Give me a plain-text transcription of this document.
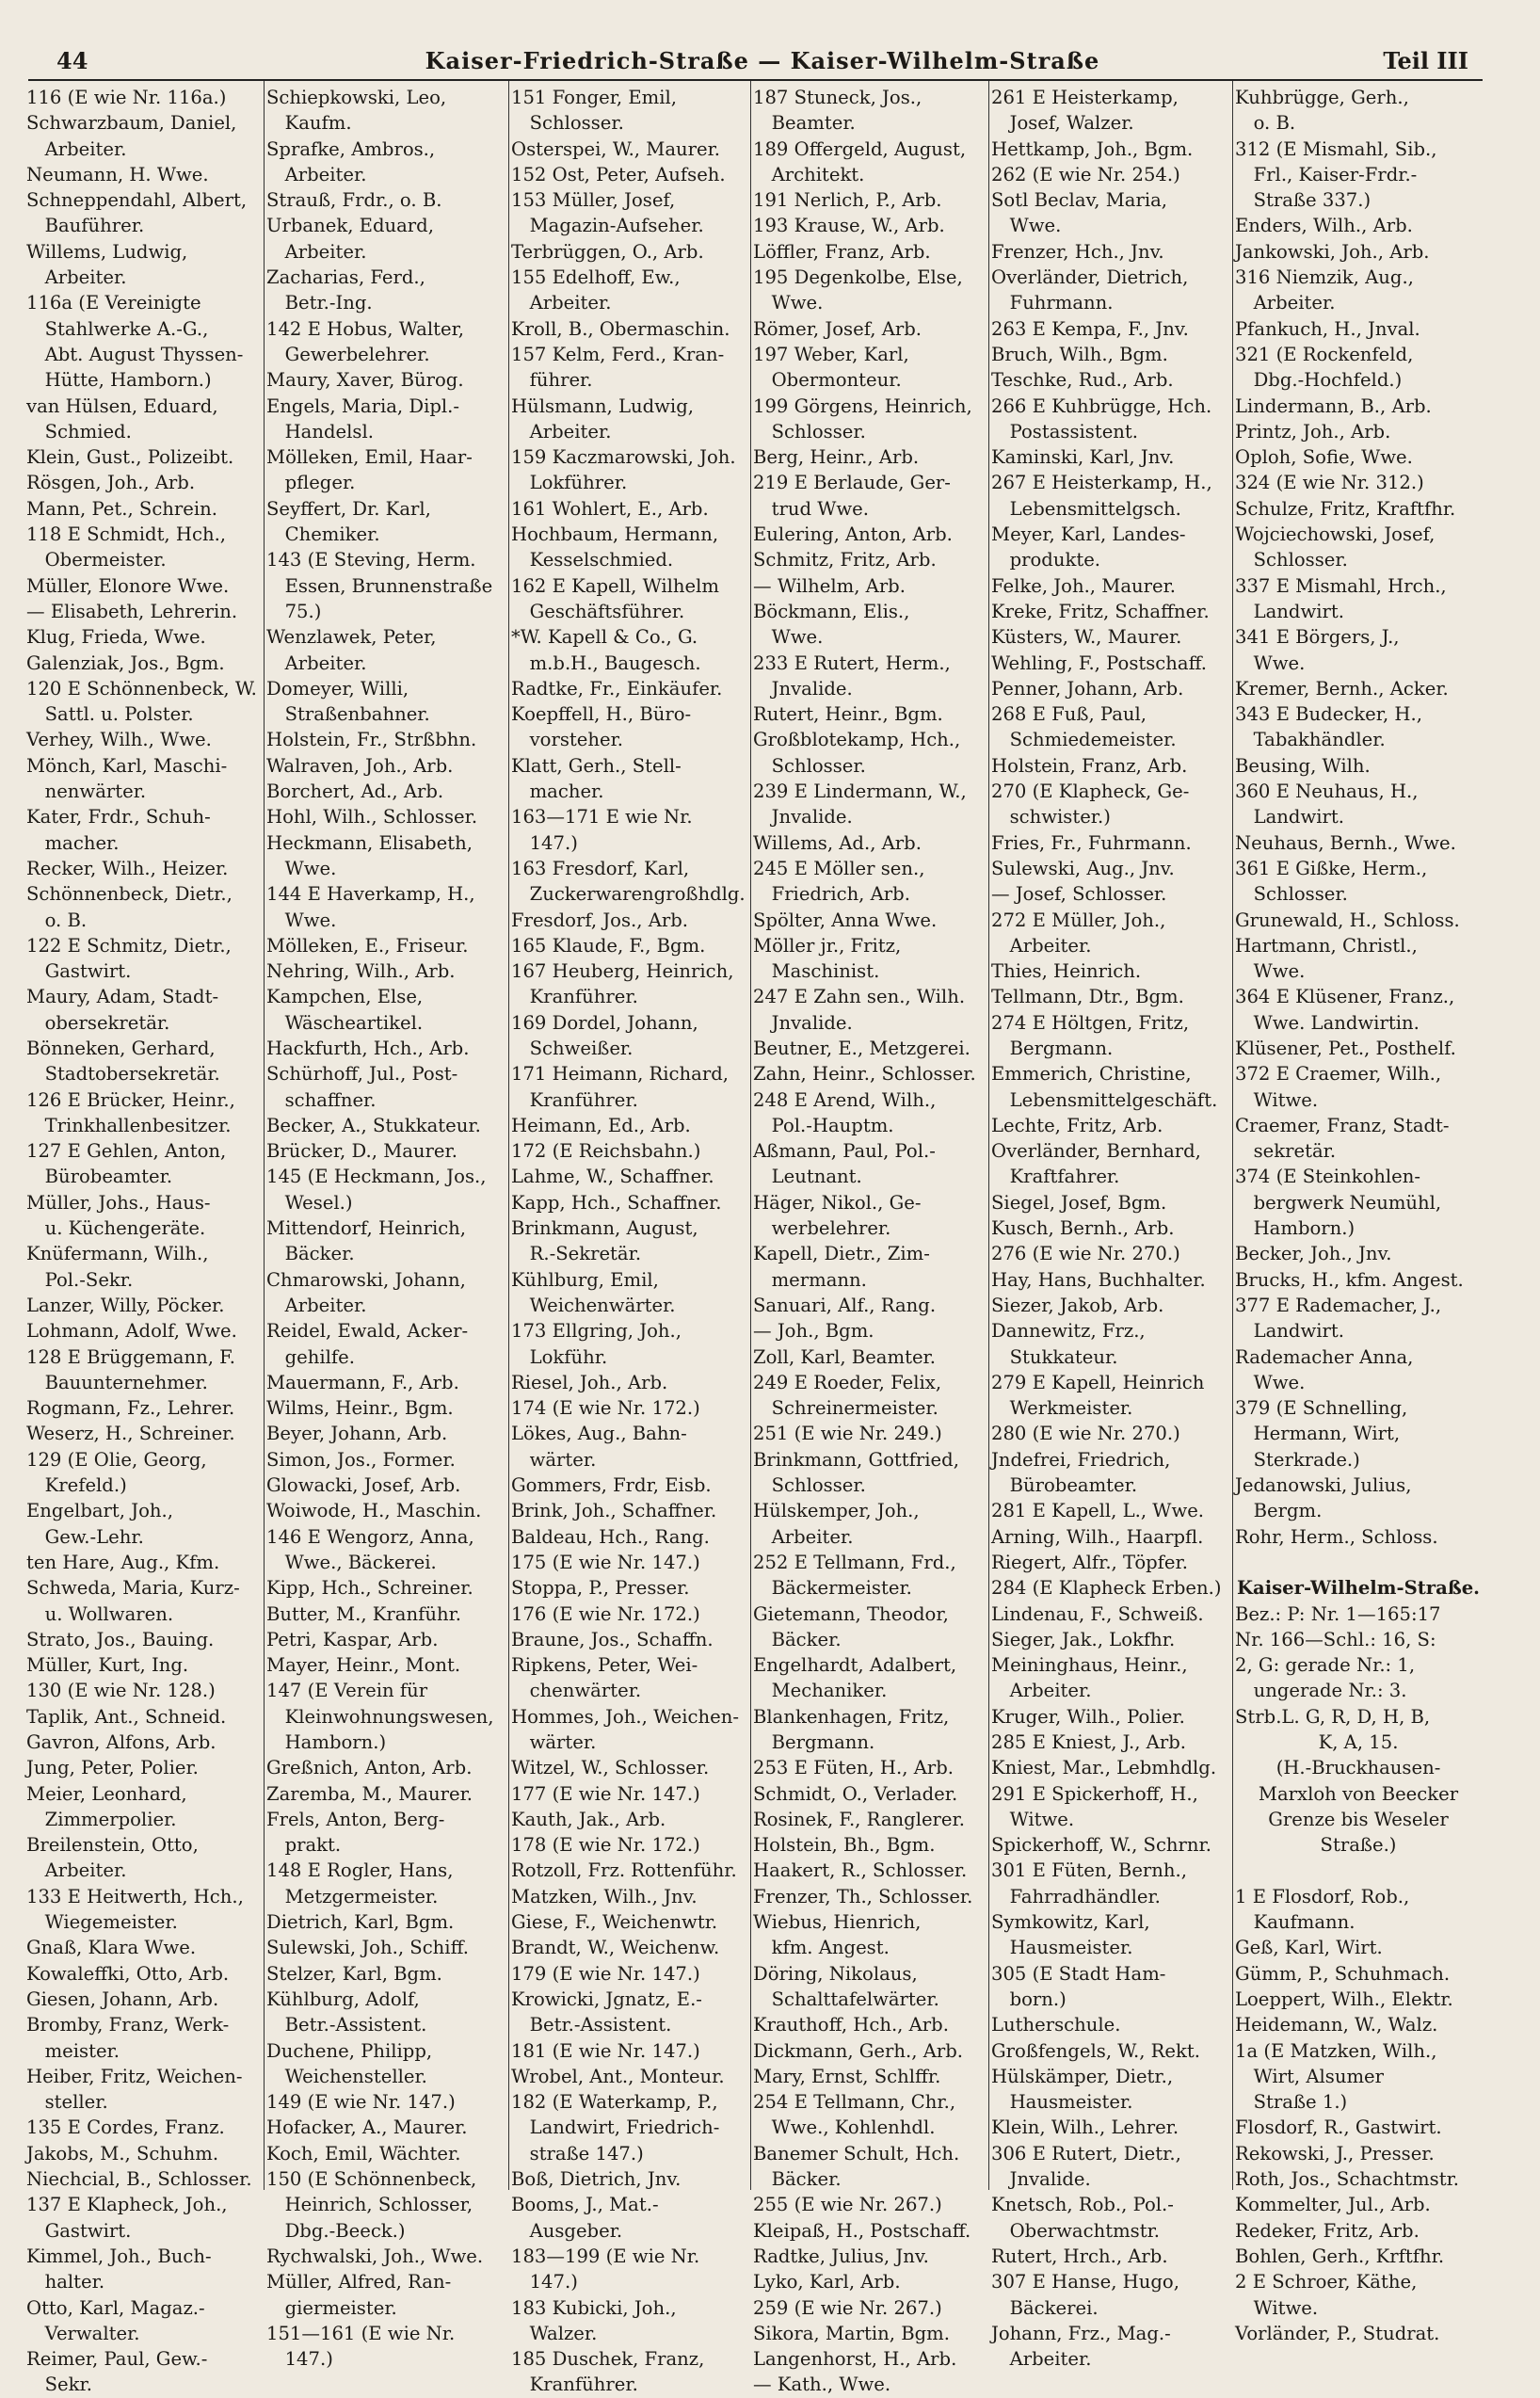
44	Kaiser-Friedrich-Straße — Kaiser-Wilhelm-Straße	Teil III
116 (E wie Nr. 116a.)
Schwarzbaum, Daniel,
 Arbeiter.
Neumann, H. Wwe.
Schneppendahl, Albert,
 Bauführer.
Willems, Ludwig,
 Arbeiter.
116a (E Vereinigte
 Stahlwerke A.-G.,
 Abt. August Thyssen-
 Hütte, Hamborn.)
van Hülsen, Eduard,
 Schmied.
Klein, Gust., Polizeibt.
Rösgen, Joh., Arb.
Mann, Pet., Schrein.
118 E Schmidt, Hch.,
 Obermeister.
Müller, Elonore Wwe.
— Elisabeth, Lehrerin.
Klug, Frieda, Wwe.
Galenziak, Jos., Bgm.
120 E Schönnenbeck, W.
 Sattl. u. Polster.
Verhey, Wilh., Wwe.
Mönch, Karl, Maschi-
 nenwärter.
Kater, Frdr., Schuh-
 macher.
Recker, Wilh., Heizer.
Schönnenbeck, Dietr.,
 o. B.
122 E Schmitz, Dietr.,
 Gastwirt.
Maury, Adam, Stadt-
 obersekretär.
Bönneken, Gerhard,
 Stadtobersekretär.
126 E Brücker, Heinr.,
 Trinkhallenbesitzer.
127 E Gehlen, Anton,
 Bürobeamter.
Müller, Johs., Haus-
 u. Küchengeräte.
Knüfermann, Wilh.,
 Pol.-Sekr.
Lanzer, Willy, Pöcker.
Lohmann, Adolf, Wwe.
128 E Brüggemann, F.
 Bauunternehmer.
Rogmann, Fz., Lehrer.
Weserz, H., Schreiner.
129 (E Olie, Georg,
 Krefeld.)
Engelbart, Joh.,
 Gew.-Lehr.
ten Hare, Aug., Kfm.
Schweda, Maria, Kurz-
 u. Wollwaren.
Strato, Jos., Bauing.
Müller, Kurt, Ing.
130 (E wie Nr. 128.)
Taplik, Ant., Schneid.
Gavron, Alfons, Arb.
Jung, Peter, Polier.
Meier, Leonhard,
 Zimmerpolier.
Breilenstein, Otto,
 Arbeiter.
133 E Heitwerth, Hch.,
 Wiegemeister.
Gnaß, Klara Wwe.
Kowaleffki, Otto, Arb.
Giesen, Johann, Arb.
Bromby, Franz, Werk-
 meister.
Heiber, Fritz, Weichen-
 steller.
135 E Cordes, Franz.
Jakobs, M., Schuhm.
Niechcial, B., Schlosser.
137 E Klapheck, Joh.,
 Gastwirt.
Kimmel, Joh., Buch-
 halter.
Otto, Karl, Magaz.-
 Verwalter.
Reimer, Paul, Gew.-
 Sekr.
Schiepkowski, Leo,
 Kaufm.
Sprafke, Ambros.,
 Arbeiter.
Strauß, Frdr., o. B.
Urbanek, Eduard,
 Arbeiter.
Zacharias, Ferd.,
 Betr.-Ing.
142 E Hobus, Walter,
 Gewerbelehrer.
Maury, Xaver, Bürog.
Engels, Maria, Dipl.-
 Handelsl.
Mölleken, Emil, Haar-
 pfleger.
Seyffert, Dr. Karl,
 Chemiker.
143 (E Steving, Herm.
 Essen, Brunnenstraße
 75.)
Wenzlawek, Peter,
 Arbeiter.
Domeyer, Willi,
 Straßenbahner.
Holstein, Fr., Strßbhn.
Walraven, Joh., Arb.
Borchert, Ad., Arb.
Hohl, Wilh., Schlosser.
Heckmann, Elisabeth,
 Wwe.
144 E Haverkamp, H.,
 Wwe.
Mölleken, E., Friseur.
Nehring, Wilh., Arb.
Kampchen, Else,
 Wäscheartikel.
Hackfurth, Hch., Arb.
Schürhoff, Jul., Post-
 schaffner.
Becker, A., Stukkateur.
Brücker, D., Maurer.
145 (E Heckmann, Jos.,
 Wesel.)
Mittendorf, Heinrich,
 Bäcker.
Chmarowski, Johann,
 Arbeiter.
Reidel, Ewald, Acker-
 gehilfe.
Mauermann, F., Arb.
Wilms, Heinr., Bgm.
Beyer, Johann, Arb.
Simon, Jos., Former.
Glowacki, Josef, Arb.
Woiwode, H., Maschin.
146 E Wengorz, Anna,
 Wwe., Bäckerei.
Kipp, Hch., Schreiner.
Butter, M., Kranführ.
Petri, Kaspar, Arb.
Mayer, Heinr., Mont.
147 (E Verein für
 Kleinwohnungswesen,
 Hamborn.)
Greßnich, Anton, Arb.
Zaremba, M., Maurer.
Frels, Anton, Berg-
 prakt.
148 E Rogler, Hans,
 Metzgermeister.
Dietrich, Karl, Bgm.
Sulewski, Joh., Schiff.
Stelzer, Karl, Bgm.
Kühlburg, Adolf,
 Betr.-Assistent.
Duchene, Philipp,
 Weichensteller.
149 (E wie Nr. 147.)
Hofacker, A., Maurer.
Koch, Emil, Wächter.
150 (E Schönnenbeck,
 Heinrich, Schlosser,
 Dbg.-Beeck.)
Rychwalski, Joh., Wwe.
Müller, Alfred, Ran-
 giermeister.
151—161 (E wie Nr.
 147.)
151 Fonger, Emil,
 Schlosser.
Osterspei, W., Maurer.
152 Ost, Peter, Aufseh.
153 Müller, Josef,
 Magazin-Aufseher.
Terbrüggen, O., Arb.
155 Edelhoff, Ew.,
 Arbeiter.
Kroll, B., Obermaschin.
157 Kelm, Ferd., Kran-
 führer.
Hülsmann, Ludwig,
 Arbeiter.
159 Kaczmarowski, Joh.
 Lokführer.
161 Wohlert, E., Arb.
Hochbaum, Hermann,
 Kesselschmied.
162 E Kapell, Wilhelm
 Geschäftsführer.
*W. Kapell & Co., G.
 m.b.H., Baugesch.
Radtke, Fr., Einkäufer.
Koepffell, H., Büro-
 vorsteher.
Klatt, Gerh., Stell-
 macher.
163—171 E wie Nr.
 147.)
163 Fresdorf, Karl,
 Zuckerwarengroßhdlg.
Fresdorf, Jos., Arb.
165 Klaude, F., Bgm.
167 Heuberg, Heinrich,
 Kranführer.
169 Dordel, Johann,
 Schweißer.
171 Heimann, Richard,
 Kranführer.
Heimann, Ed., Arb.
172 (E Reichsbahn.)
Lahme, W., Schaffner.
Kapp, Hch., Schaffner.
Brinkmann, August,
 R.-Sekretär.
Kühlburg, Emil,
 Weichenwärter.
173 Ellgring, Joh.,
 Lokführ.
Riesel, Joh., Arb.
174 (E wie Nr. 172.)
Lökes, Aug., Bahn-
 wärter.
Gommers, Frdr, Eisb.
Brink, Joh., Schaffner.
Baldeau, Hch., Rang.
175 (E wie Nr. 147.)
Stoppa, P., Presser.
176 (E wie Nr. 172.)
Braune, Jos., Schaffn.
Ripkens, Peter, Wei-
 chenwärter.
Hommes, Joh., Weichen-
 wärter.
Witzel, W., Schlosser.
177 (E wie Nr. 147.)
Kauth, Jak., Arb.
178 (E wie Nr. 172.)
Rotzoll, Frz. Rottenführ.
Matzken, Wilh., Jnv.
Giese, F., Weichenwtr.
Brandt, W., Weichenw.
179 (E wie Nr. 147.)
Krowicki, Jgnatz, E.-
 Betr.-Assistent.
181 (E wie Nr. 147.)
Wrobel, Ant., Monteur.
182 (E Waterkamp, P.,
 Landwirt, Friedrich-
 straße 147.)
Boß, Dietrich, Jnv.
Booms, J., Mat.-
 Ausgeber.
183—199 (E wie Nr.
 147.)
183 Kubicki, Joh.,
 Walzer.
185 Duschek, Franz,
 Kranführer.
187 Stuneck, Jos.,
 Beamter.
189 Offergeld, August,
 Architekt.
191 Nerlich, P., Arb.
193 Krause, W., Arb.
Löffler, Franz, Arb.
195 Degenkolbe, Else,
 Wwe.
Römer, Josef, Arb.
197 Weber, Karl,
 Obermonteur.
199 Görgens, Heinrich,
 Schlosser.
Berg, Heinr., Arb.
219 E Berlaude, Ger-
 trud Wwe.
Eulering, Anton, Arb.
Schmitz, Fritz, Arb.
— Wilhelm, Arb.
Böckmann, Elis.,
 Wwe.
233 E Rutert, Herm.,
 Jnvalide.
Rutert, Heinr., Bgm.
Großblotekamp, Hch.,
 Schlosser.
239 E Lindermann, W.,
 Jnvalide.
Willems, Ad., Arb.
245 E Möller sen.,
 Friedrich, Arb.
Spölter, Anna Wwe.
Möller jr., Fritz,
 Maschinist.
247 E Zahn sen., Wilh.
 Jnvalide.
Beutner, E., Metzgerei.
Zahn, Heinr., Schlosser.
248 E Arend, Wilh.,
 Pol.-Hauptm.
Aßmann, Paul, Pol.-
 Leutnant.
Häger, Nikol., Ge-
 werbelehrer.
Kapell, Dietr., Zim-
 mermann.
Sanuari, Alf., Rang.
— Joh., Bgm.
Zoll, Karl, Beamter.
249 E Roeder, Felix,
 Schreinermeister.
251 (E wie Nr. 249.)
Brinkmann, Gottfried,
 Schlosser.
Hülskemper, Joh.,
 Arbeiter.
252 E Tellmann, Frd.,
 Bäckermeister.
Gietemann, Theodor,
 Bäcker.
Engelhardt, Adalbert,
 Mechaniker.
Blankenhagen, Fritz,
 Bergmann.
253 E Füten, H., Arb.
Schmidt, O., Verlader.
Rosinek, F., Ranglerer.
Holstein, Bh., Bgm.
Haakert, R., Schlosser.
Frenzer, Th., Schlosser.
Wiebus, Hienrich,
 kfm. Angest.
Döring, Nikolaus,
 Schalttafelwärter.
Krauthoff, Hch., Arb.
Dickmann, Gerh., Arb.
Mary, Ernst, Schlffr.
254 E Tellmann, Chr.,
 Wwe., Kohlenhdl.
Banemer Schult, Hch.
 Bäcker.
255 (E wie Nr. 267.)
Kleipaß, H., Postschaff.
Radtke, Julius, Jnv.
Lyko, Karl, Arb.
259 (E wie Nr. 267.)
Sikora, Martin, Bgm.
Langenhorst, H., Arb.
— Kath., Wwe.
261 E Heisterkamp,
 Josef, Walzer.
Hettkamp, Joh., Bgm.
262 (E wie Nr. 254.)
Sotl Beclav, Maria,
 Wwe.
Frenzer, Hch., Jnv.
Overländer, Dietrich,
 Fuhrmann.
263 E Kempa, F., Jnv.
Bruch, Wilh., Bgm.
Teschke, Rud., Arb.
266 E Kuhbrügge, Hch.
 Postassistent.
Kaminski, Karl, Jnv.
267 E Heisterkamp, H.,
 Lebensmittelgsch.
Meyer, Karl, Landes-
 produkte.
Felke, Joh., Maurer.
Kreke, Fritz, Schaffner.
Küsters, W., Maurer.
Wehling, F., Postschaff.
Penner, Johann, Arb.
268 E Fuß, Paul,
 Schmiedemeister.
Holstein, Franz, Arb.
270 (E Klapheck, Ge-
 schwister.)
Fries, Fr., Fuhrmann.
Sulewski, Aug., Jnv.
— Josef, Schlosser.
272 E Müller, Joh.,
 Arbeiter.
Thies, Heinrich.
Tellmann, Dtr., Bgm.
274 E Höltgen, Fritz,
 Bergmann.
Emmerich, Christine,
 Lebensmittelgeschäft.
Lechte, Fritz, Arb.
Overländer, Bernhard,
 Kraftfahrer.
Siegel, Josef, Bgm.
Kusch, Bernh., Arb.
276 (E wie Nr. 270.)
Hay, Hans, Buchhalter.
Siezer, Jakob, Arb.
Dannewitz, Frz.,
 Stukkateur.
279 E Kapell, Heinrich
 Werkmeister.
280 (E wie Nr. 270.)
Jndefrei, Friedrich,
 Bürobeamter.
281 E Kapell, L., Wwe.
Arning, Wilh., Haarpfl.
Riegert, Alfr., Töpfer.
284 (E Klapheck Erben.)
Lindenau, F., Schweiß.
Sieger, Jak., Lokfhr.
Meininghaus, Heinr.,
 Arbeiter.
Kruger, Wilh., Polier.
285 E Kniest, J., Arb.
Kniest, Mar., Lebmhdlg.
291 E Spickerhoff, H.,
 Witwe.
Spickerhoff, W., Schrnr.
301 E Füten, Bernh.,
 Fahrradhändler.
Symkowitz, Karl,
 Hausmeister.
305 (E Stadt Ham-
 born.)
Lutherschule.
Großfengels, W., Rekt.
Hülskämper, Dietr.,
 Hausmeister.
Klein, Wilh., Lehrer.
306 E Rutert, Dietr.,
 Jnvalide.
Knetsch, Rob., Pol.-
 Oberwachtmstr.
Rutert, Hrch., Arb.
307 E Hanse, Hugo,
 Bäckerei.
Johann, Frz., Mag.-
 Arbeiter.
Kuhbrügge, Gerh.,
 o. B.
312 (E Mismahl, Sib.,
 Frl., Kaiser-Frdr.-
 Straße 337.)
Enders, Wilh., Arb.
Jankowski, Joh., Arb.
316 Niemzik, Aug.,
 Arbeiter.
Pfankuch, H., Jnval.
321 (E Rockenfeld,
 Dbg.-Hochfeld.)
Lindermann, B., Arb.
Printz, Joh., Arb.
Oploh, Sofie, Wwe.
324 (E wie Nr. 312.)
Schulze, Fritz, Kraftfhr.
Wojciechowski, Josef,
 Schlosser.
337 E Mismahl, Hrch.,
 Landwirt.
341 E Börgers, J.,
 Wwe.
Kremer, Bernh., Acker.
343 E Budecker, H.,
 Tabakhändler.
Beusing, Wilh.
360 E Neuhaus, H.,
 Landwirt.
Neuhaus, Bernh., Wwe.
361 E Gißke, Herm.,
 Schlosser.
Grunewald, H., Schloss.
Hartmann, Christl.,
 Wwe.
364 E Klüsener, Franz.,
 Wwe. Landwirtin.
Klüsener, Pet., Posthelf.
372 E Craemer, Wilh.,
 Witwe.
Craemer, Franz, Stadt-
 sekretär.
374 (E Steinkohlen-
 bergwerk Neumühl,
 Hamborn.)
Becker, Joh., Jnv.
Brucks, H., kfm. Angest.
377 E Rademacher, J.,
 Landwirt.
Rademacher Anna,
 Wwe.
379 (E Schnelling,
 Hermann, Wirt,
 Sterkrade.)
Jedanowski, Julius,
 Bergm.
Rohr, Herm., Schloss.
Kaiser-Wilhelm-Straße.
Bez.: P: Nr. 1—165:17
Nr. 166—Schl.: 16, S:
2, G: gerade Nr.: 1,
 ungerade Nr.: 3.
Strb.L. G, R, D, H, B,
K, A, 15.
(H.-Bruckhausen-
Marxloh von Beecker
Grenze bis Weseler
Straße.)
1 E Flosdorf, Rob.,
 Kaufmann.
Geß, Karl, Wirt.
Gümm, P., Schuhmach.
Loeppert, Wilh., Elektr.
Heidemann, W., Walz.
1a (E Matzken, Wilh.,
 Wirt, Alsumer
 Straße 1.)
Flosdorf, R., Gastwirt.
Rekowski, J., Presser.
Roth, Jos., Schachtmstr.
Kommelter, Jul., Arb.
Redeker, Fritz, Arb.
Bohlen, Gerh., Krftfhr.
2 E Schroer, Käthe,
 Witwe.
Vorländer, P., Studrat.
